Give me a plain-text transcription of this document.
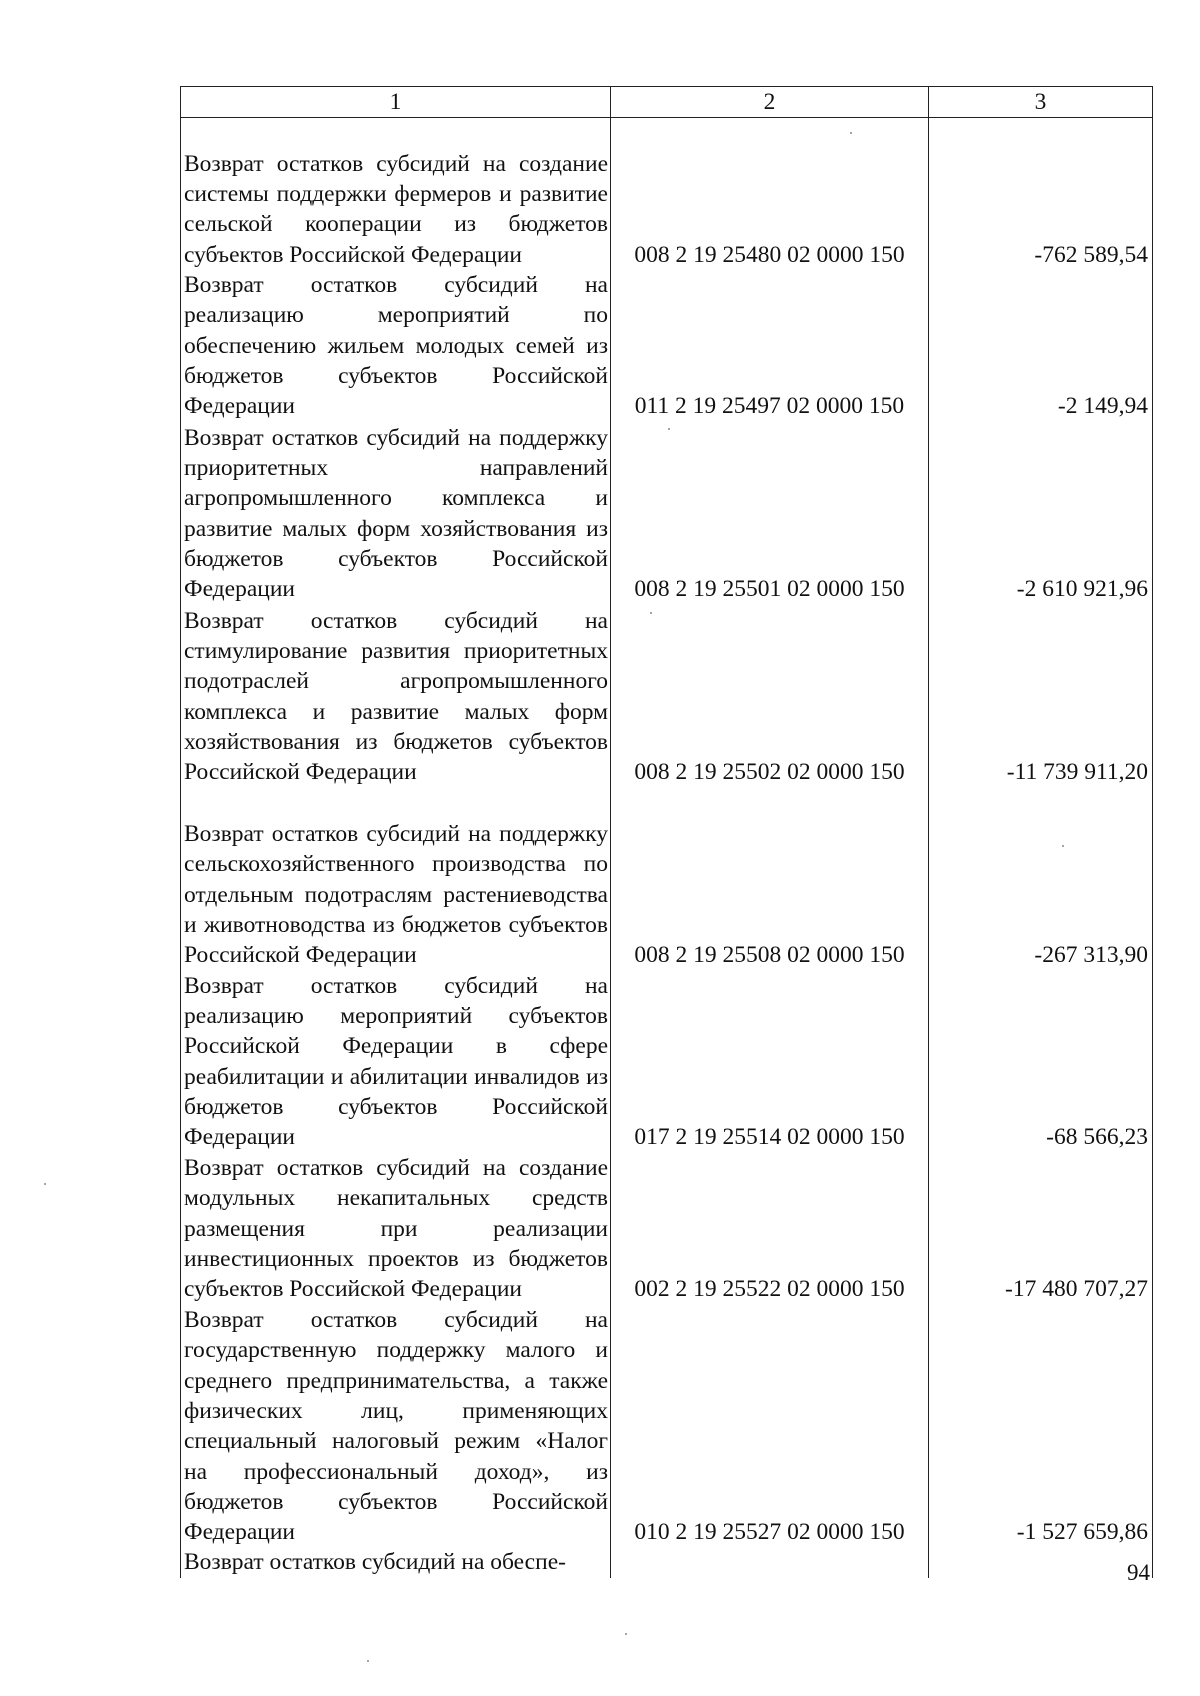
1	2	3
Возврат остатков субсидий на создание системы поддержки фермеров и развитие сельской кооперации из бюджетов субъектов Российской Федерации	008 2 19 25480 02 0000 150	-762 589,54
Возврат остатков субсидий на реализацию мероприятий по обеспечению жильем молодых семей из бюджетов субъектов Российской Федерации	011 2 19 25497 02 0000 150	-2 149,94
Возврат остатков субсидий на поддержку приоритетных направлений агропромышленного комплекса и развитие малых форм хозяйствования из бюджетов субъектов Российской Федерации	008 2 19 25501 02 0000 150	-2 610 921,96
Возврат остатков субсидий на стимулирование развития приоритетных подотраслей агропромышленного комплекса и развитие малых форм хозяйствования из бюджетов субъектов Российской Федерации	008 2 19 25502 02 0000 150	-11 739 911,20
Возврат остатков субсидий на поддержку сельскохозяйственного производства по отдельным подотраслям растениеводства и животноводства из бюджетов субъектов Российской Федерации	008 2 19 25508 02 0000 150	-267 313,90
Возврат остатков субсидий на реализацию мероприятий субъектов Российской Федерации в сфере реабилитации и абилитации инвалидов из бюджетов субъектов Российской Федерации	017 2 19 25514 02 0000 150	-68 566,23
Возврат остатков субсидий на создание модульных некапитальных средств размещения при реализации инвестиционных проектов из бюджетов субъектов Российской Федерации	002 2 19 25522 02 0000 150	-17 480 707,27
Возврат остатков субсидий на государственную поддержку малого и среднего предпринимательства, а также физических лиц, применяющих специальный налоговый режим «Налог на профессиональный доход», из бюджетов субъектов Российской Федерации	010 2 19 25527 02 0000 150	-1 527 659,86
Возврат остатков субсидий на обеспе-			94
